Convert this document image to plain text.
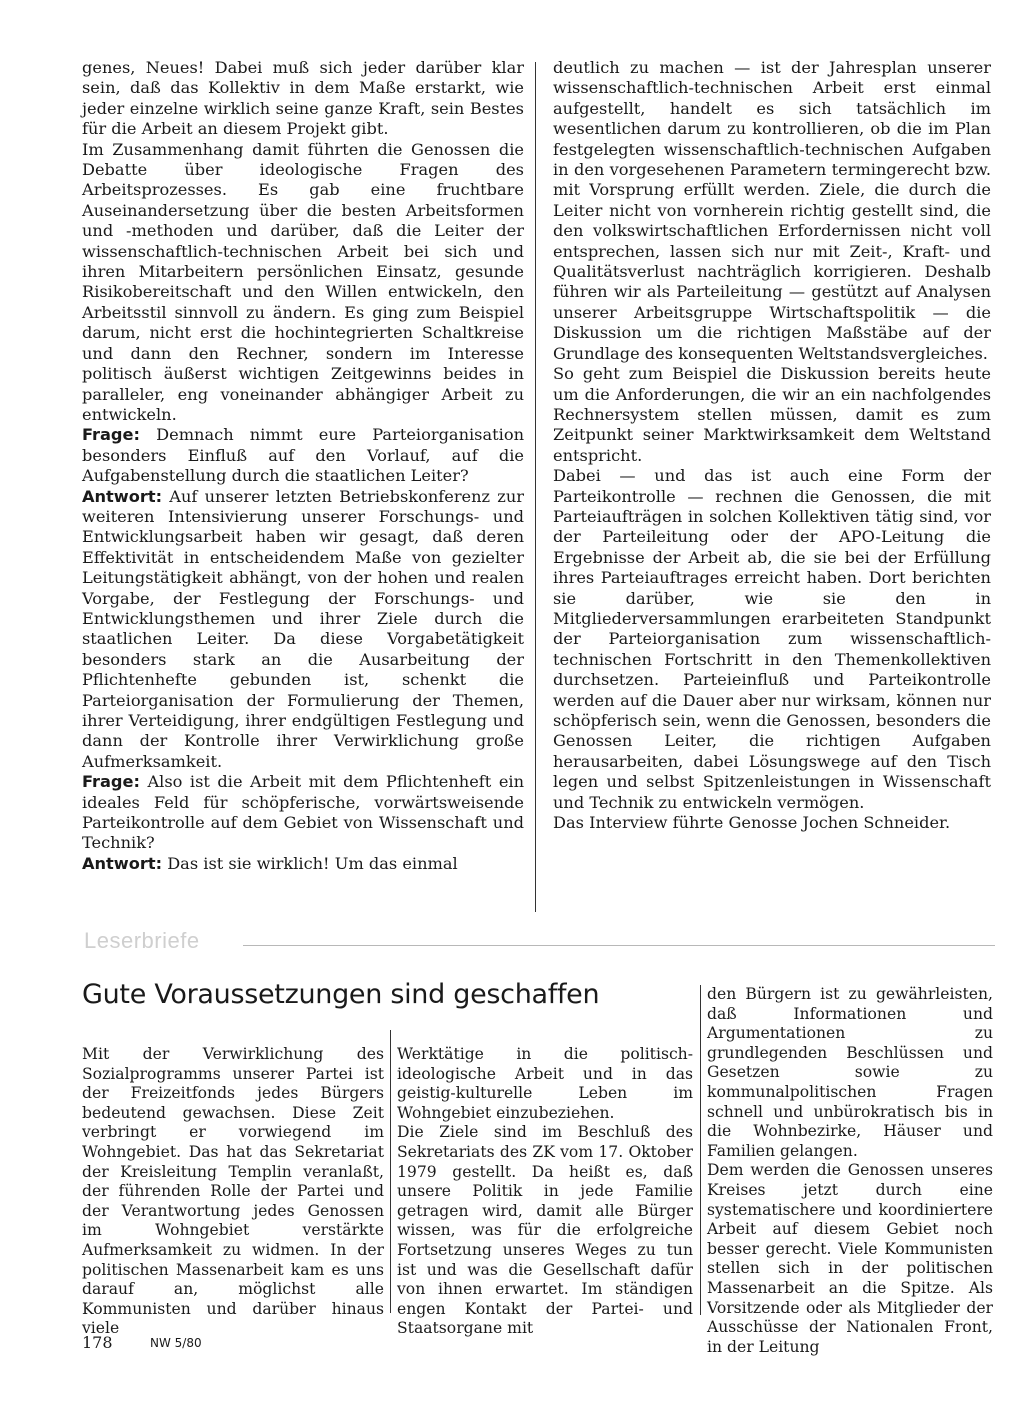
genes, Neues! Dabei muß sich jeder darüber klar sein, daß das Kollektiv in dem Maße erstarkt, wie jeder einzelne wirklich seine ganze Kraft, sein Bestes für die Arbeit an diesem Projekt gibt.

Im Zusammenhang damit führten die Genossen die Debatte über ideologische Fragen des Arbeitsprozesses. Es gab eine fruchtbare Auseinandersetzung über die besten Arbeitsformen und -methoden und darüber, daß die Leiter der wissenschaftlich-technischen Arbeit bei sich und ihren Mitarbeitern persönlichen Einsatz, gesunde Risikobereitschaft und den Willen entwickeln, den Arbeitsstil sinnvoll zu ändern. Es ging zum Beispiel darum, nicht erst die hochintegrierten Schaltkreise und dann den Rechner, sondern im Interesse politisch äußerst wichtigen Zeitgewinns beides in paralleler, eng voneinander abhängiger Arbeit zu entwickeln.

Frage: Demnach nimmt eure Parteiorganisation besonders Einfluß auf den Vorlauf, auf die Aufgabenstellung durch die staatlichen Leiter?

Antwort: Auf unserer letzten Betriebskonferenz zur weiteren Intensivierung unserer Forschungs- und Entwicklungsarbeit haben wir gesagt, daß deren Effektivität in entscheidendem Maße von gezielter Leitungstätigkeit abhängt, von der hohen und realen Vorgabe, der Festlegung der Forschungs- und Entwicklungsthemen und ihrer Ziele durch die staatlichen Leiter. Da diese Vorgabetätigkeit besonders stark an die Ausarbeitung der Pflichtenhefte gebunden ist, schenkt die Parteiorganisation der Formulierung der Themen, ihrer Verteidigung, ihrer endgültigen Festlegung und dann der Kontrolle ihrer Verwirklichung große Aufmerksamkeit.

Frage: Also ist die Arbeit mit dem Pflichtenheft ein ideales Feld für schöpferische, vorwärtsweisende Parteikontrolle auf dem Gebiet von Wissenschaft und Technik?

Antwort: Das ist sie wirklich! Um das einmal

deutlich zu machen — ist der Jahresplan unserer wissenschaftlich-technischen Arbeit erst einmal aufgestellt, handelt es sich tatsächlich im wesentlichen darum zu kontrollieren, ob die im Plan festgelegten wissenschaftlich-technischen Aufgaben in den vorgesehenen Parametern termingerecht bzw. mit Vorsprung erfüllt werden. Ziele, die durch die Leiter nicht von vornherein richtig gestellt sind, die den volkswirtschaftlichen Erfordernissen nicht voll entsprechen, lassen sich nur mit Zeit-, Kraft- und Qualitätsverlust nachträglich korrigieren. Deshalb führen wir als Parteileitung — gestützt auf Analysen unserer Arbeitsgruppe Wirtschaftspolitik — die Diskussion um die richtigen Maßstäbe auf der Grundlage des konsequenten Weltstandsvergleiches.

So geht zum Beispiel die Diskussion bereits heute um die Anforderungen, die wir an ein nachfolgendes Rechnersystem stellen müssen, damit es zum Zeitpunkt seiner Marktwirksamkeit dem Weltstand entspricht.

Dabei — und das ist auch eine Form der Parteikontrolle — rechnen die Genossen, die mit Parteiaufträgen in solchen Kollektiven tätig sind, vor der Parteileitung oder der APO-Leitung die Ergebnisse der Arbeit ab, die sie bei der Erfüllung ihres Parteiauftrages erreicht haben. Dort berichten sie darüber, wie sie den in Mitgliederversammlungen erarbeiteten Standpunkt der Parteiorganisation zum wissenschaftlich-technischen Fortschritt in den Themenkollektiven durchsetzen. Parteieinfluß und Parteikontrolle werden auf die Dauer aber nur wirksam, können nur schöpferisch sein, wenn die Genossen, besonders die Genossen Leiter, die richtigen Aufgaben herausarbeiten, dabei Lösungswege auf den Tisch legen und selbst Spitzenleistungen in Wissenschaft und Technik zu entwickeln vermögen.

Das Interview führte Genosse Jochen Schneider.

Leserbriefe
Gute Voraussetzungen sind geschaffen

Mit der Verwirklichung des Sozialprogramms unserer Partei ist der Freizeitfonds jedes Bürgers bedeutend gewachsen. Diese Zeit verbringt er vorwiegend im Wohngebiet. Das hat das Sekretariat der Kreisleitung Templin veranlaßt, der führenden Rolle der Partei und der Verantwortung jedes Genossen im Wohngebiet verstärkte Aufmerksamkeit zu widmen. In der politischen Massenarbeit kam es uns darauf an, möglichst alle Kommunisten und darüber hinaus viele

Werktätige in die politisch-ideologische Arbeit und in das geistig-kulturelle Leben im Wohngebiet einzubeziehen.

Die Ziele sind im Beschluß des Sekretariats des ZK vom 17. Oktober 1979 gestellt. Da heißt es, daß unsere Politik in jede Familie getragen wird, damit alle Bürger wissen, was für die erfolgreiche Fortsetzung unseres Weges zu tun ist und was die Gesellschaft dafür von ihnen erwartet. Im ständigen engen Kontakt der Partei- und Staatsorgane mit

den Bürgern ist zu gewährleisten, daß Informationen und Argumentationen zu grundlegenden Beschlüssen und Gesetzen sowie zu kommunalpolitischen Fragen schnell und unbürokratisch bis in die Wohnbezirke, Häuser und Familien gelangen.

Dem werden die Genossen unseres Kreises jetzt durch eine systematischere und koordiniertere Arbeit auf diesem Gebiet noch besser gerecht. Viele Kommunisten stellen sich in der politischen Massenarbeit an die Spitze. Als Vorsitzende oder als Mitglieder der Ausschüsse der Nationalen Front, in der Leitung

178	NW 5/80
